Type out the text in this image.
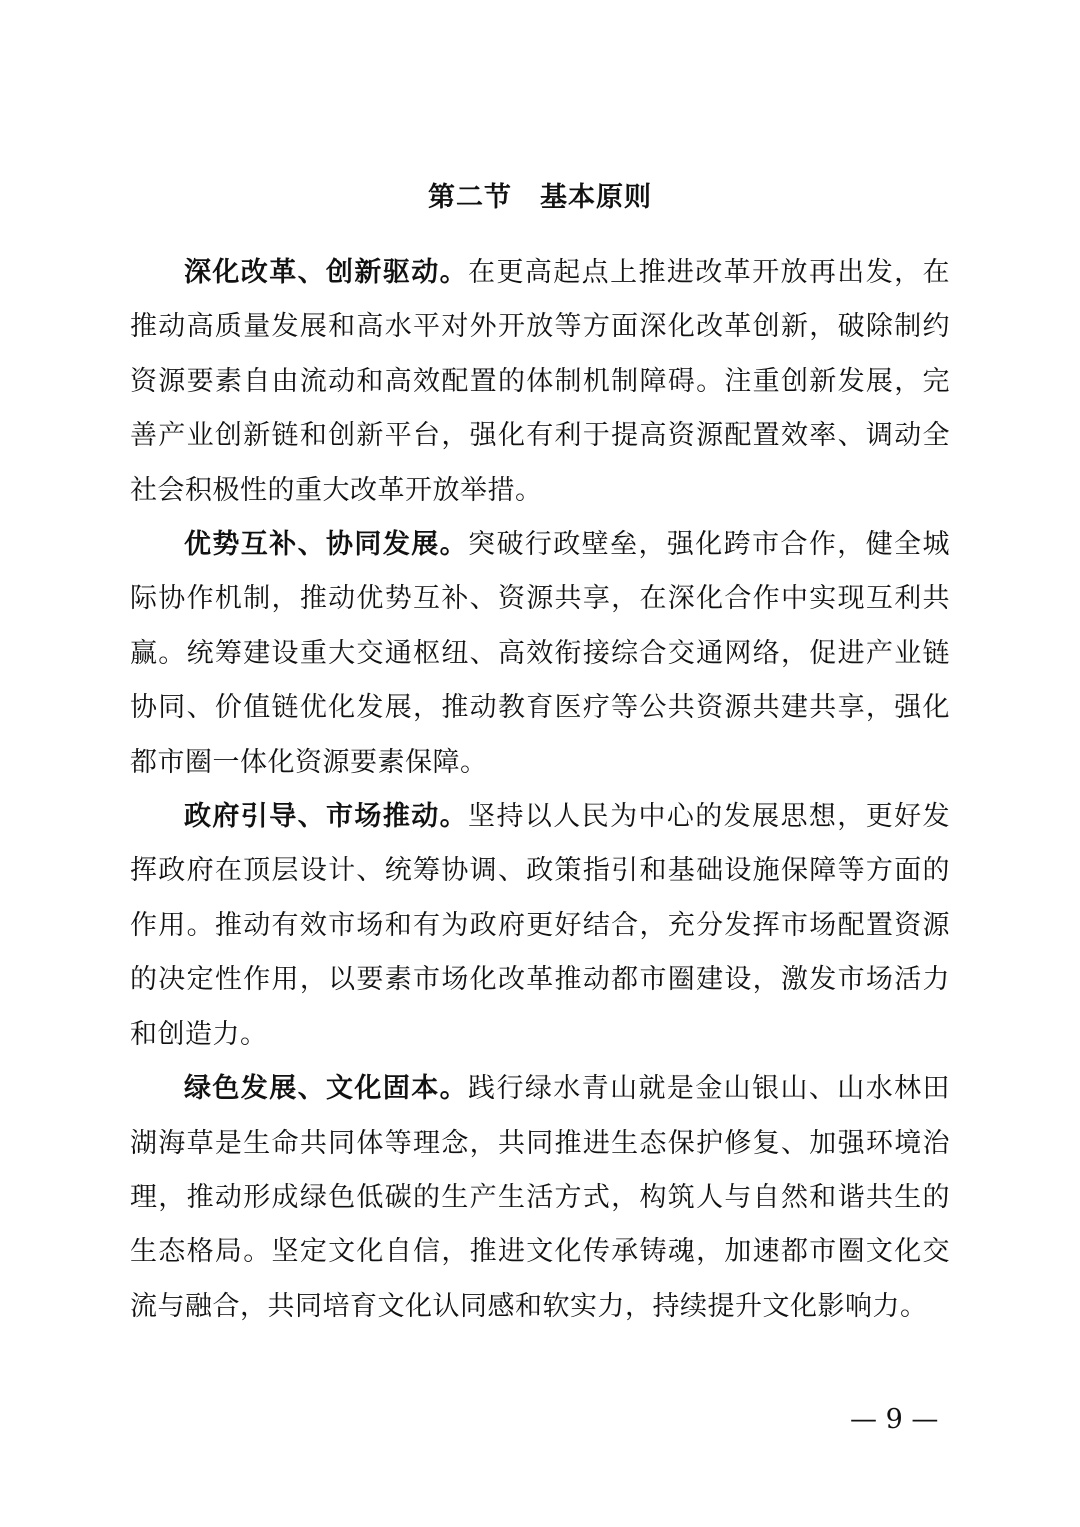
第二节　基本原则

深化改革、创新驱动。在更高起点上推进改革开放再出发，在推动高质量发展和高水平对外开放等方面深化改革创新，破除制约资源要素自由流动和高效配置的体制机制障碍。注重创新发展，完善产业创新链和创新平台，强化有利于提高资源配置效率、调动全社会积极性的重大改革开放举措。

优势互补、协同发展。突破行政壁垒，强化跨市合作，健全城际协作机制，推动优势互补、资源共享，在深化合作中实现互利共赢。统筹建设重大交通枢纽、高效衔接综合交通网络，促进产业链协同、价值链优化发展，推动教育医疗等公共资源共建共享，强化都市圈一体化资源要素保障。

政府引导、市场推动。坚持以人民为中心的发展思想，更好发挥政府在顶层设计、统筹协调、政策指引和基础设施保障等方面的作用。推动有效市场和有为政府更好结合，充分发挥市场配置资源的决定性作用，以要素市场化改革推动都市圈建设，激发市场活力和创造力。

绿色发展、文化固本。践行绿水青山就是金山银山、山水林田湖海草是生命共同体等理念，共同推进生态保护修复、加强环境治理，推动形成绿色低碳的生产生活方式，构筑人与自然和谐共生的生态格局。坚定文化自信，推进文化传承铸魂，加速都市圈文化交流与融合，共同培育文化认同感和软实力，持续提升文化影响力。

— 9 —
